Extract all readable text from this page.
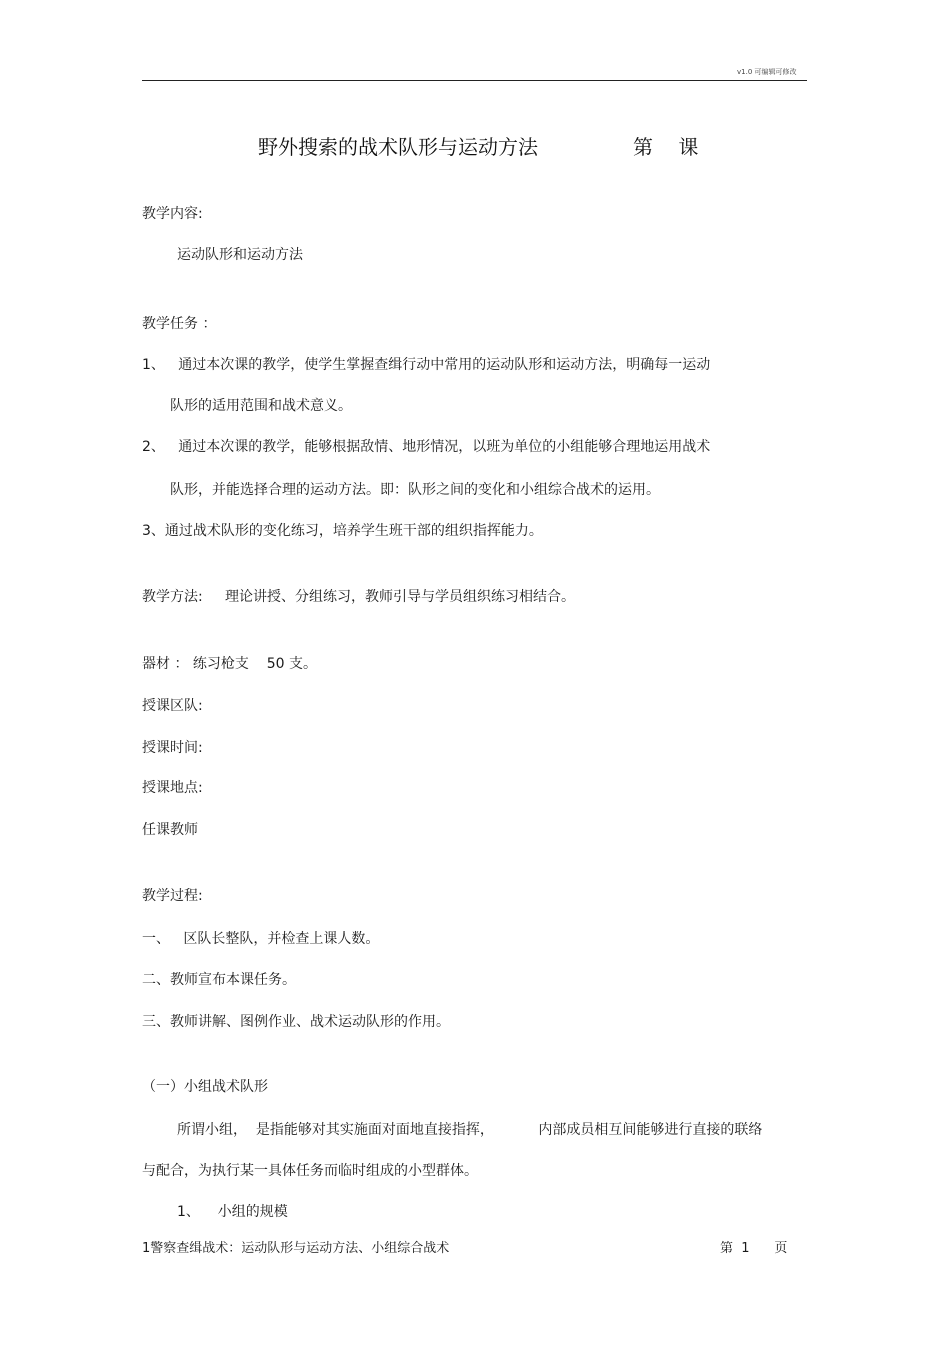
v1.0 可编辑可修改
野外搜索的战术队形与运动方法	第    课
教学内容:
运动队形和运动方法
教学任务 ：
1、   通过本次课的教学，使学生掌握查缉行动中常用的运动队形和运动方法，明确每一运动
队形的适用范围和战术意义。
2、   通过本次课的教学，能够根据敌情、地形情况，以班为单位的小组能够合理地运用战术
队形，并能选择合理的运动方法。即：队形之间的变化和小组综合战术的运用。
3、通过战术队形的变化练习，培养学生班干部的组织指挥能力。
教学方法:     理论讲授、分组练习，教师引导与学员组织练习相结合。
器材 ： 练习枪支    50 支。
授课区队:
授课时间:
授课地点:
任课教师
教学过程:
一、   区队长整队，并检查上课人数。
二、教师宣布本课任务。
三、教师讲解、图例作业、战术运动队形的作用。
（一）小组战术队形
所谓小组，  是指能够对其实施面对面地直接指挥，          内部成员相互间能够进行直接的联络
与配合，为执行某一具体任务而临时组成的小型群体。
1、    小组的规模
1警察查缉战术：运动队形与运动方法、小组综合战术	第  1      页
